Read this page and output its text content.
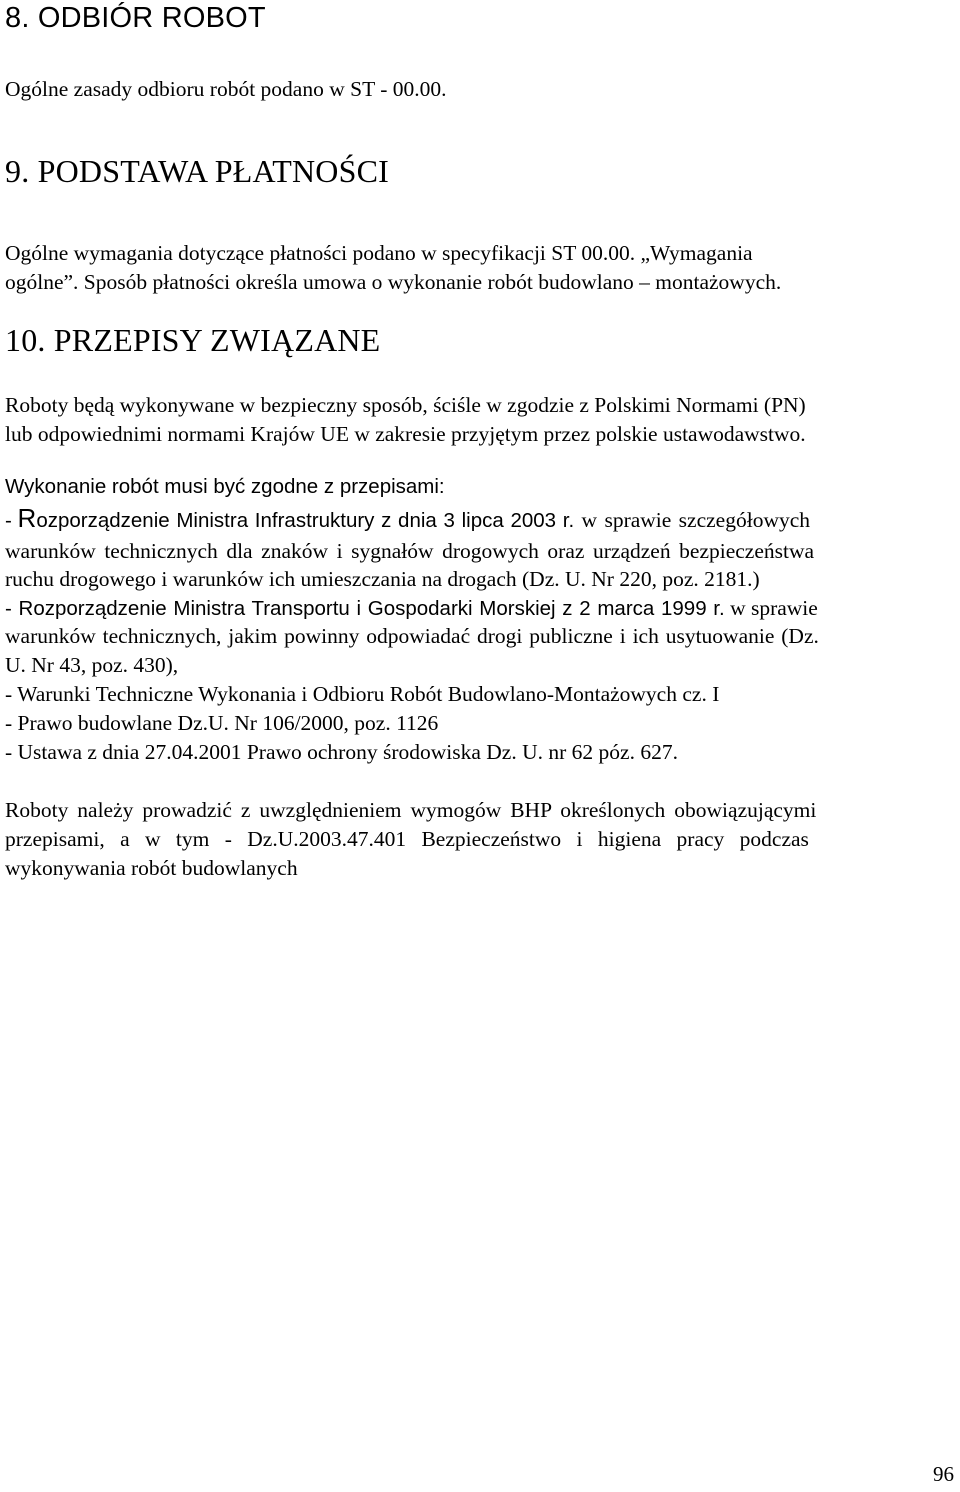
8. ODBIÓR ROBOT
Ogólne zasady odbioru robót podano w ST - 00.00.
9. PODSTAWA PŁATNOŚCI
Ogólne wymagania dotyczące płatności podano w specyfikacji ST 00.00. „Wymagania
ogólne”. Sposób płatności określa umowa o wykonanie robót budowlano – montażowych.
10. PRZEPISY ZWIĄZANE
Roboty będą wykonywane w bezpieczny sposób, ściśle w zgodzie z Polskimi Normami (PN)
lub odpowiednimi normami Krajów UE w zakresie przyjętym przez polskie ustawodawstwo.
Wykonanie robót musi być zgodne z przepisami:
- Rozporządzenie Ministra Infrastruktury z dnia 3 lipca 2003 r. w sprawie szczegółowych
warunków technicznych dla znaków i sygnałów drogowych oraz urządzeń bezpieczeństwa
ruchu drogowego i warunków ich umieszczania na drogach (Dz. U. Nr 220, poz. 2181.)
- Rozporządzenie Ministra Transportu i Gospodarki Morskiej z 2 marca 1999 r. w sprawie
warunków technicznych, jakim powinny odpowiadać drogi publiczne i ich usytuowanie (Dz.
U. Nr 43, poz. 430),
- Warunki Techniczne Wykonania i Odbioru Robót Budowlano-Montażowych cz. I
- Prawo budowlane Dz.U. Nr 106/2000, poz. 1126
- Ustawa z dnia 27.04.2001 Prawo ochrony środowiska Dz. U. nr 62 póz. 627.
Roboty należy prowadzić z uwzględnieniem wymogów BHP określonych obowiązującymi
przepisami, a w tym - Dz.U.2003.47.401 Bezpieczeństwo i higiena pracy podczas
wykonywania robót budowlanych
96
